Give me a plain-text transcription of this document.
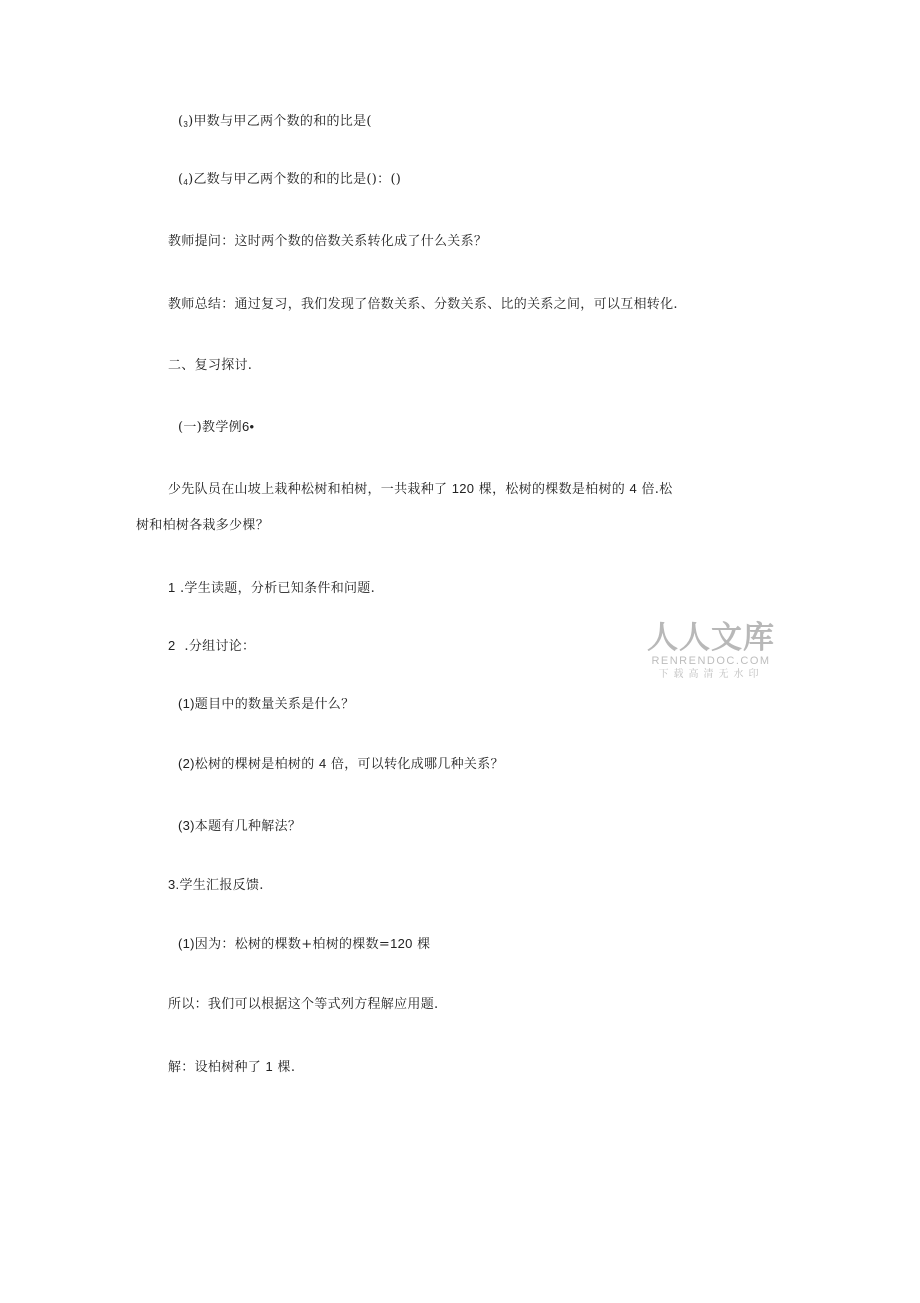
$(_3)$甲数与甲乙两个数的和的比是(
$(_4)$乙数与甲乙两个数的和的比是()：()
教师提问：这时两个数的倍数关系转化成了什么关系？
教师总结：通过复习，我们发现了倍数关系、分数关系、比的关系之间，可以互相转化.
二、复习探讨.
(一)教学例6•
少先队员在山坡上栽种松树和柏树，一共栽种了 120 棵，松树的棵数是柏树的 4 倍.松
树和柏树各栽多少棵？
1 .学生读题，分析已知条件和问题.
2 .分组讨论：
(1)题目中的数量关系是什么？
(2)松树的棵树是柏树的 4 倍，可以转化成哪几种关系？
(3)本题有几种解法？
3.学生汇报反馈.
(1)因为：松树的棵数+柏树的棵数=120 棵
所以：我们可以根据这个等式列方程解应用题.
解：设柏树种了 1 棵.
人人文库
RENRENDOC.COM
下载高清无水印
